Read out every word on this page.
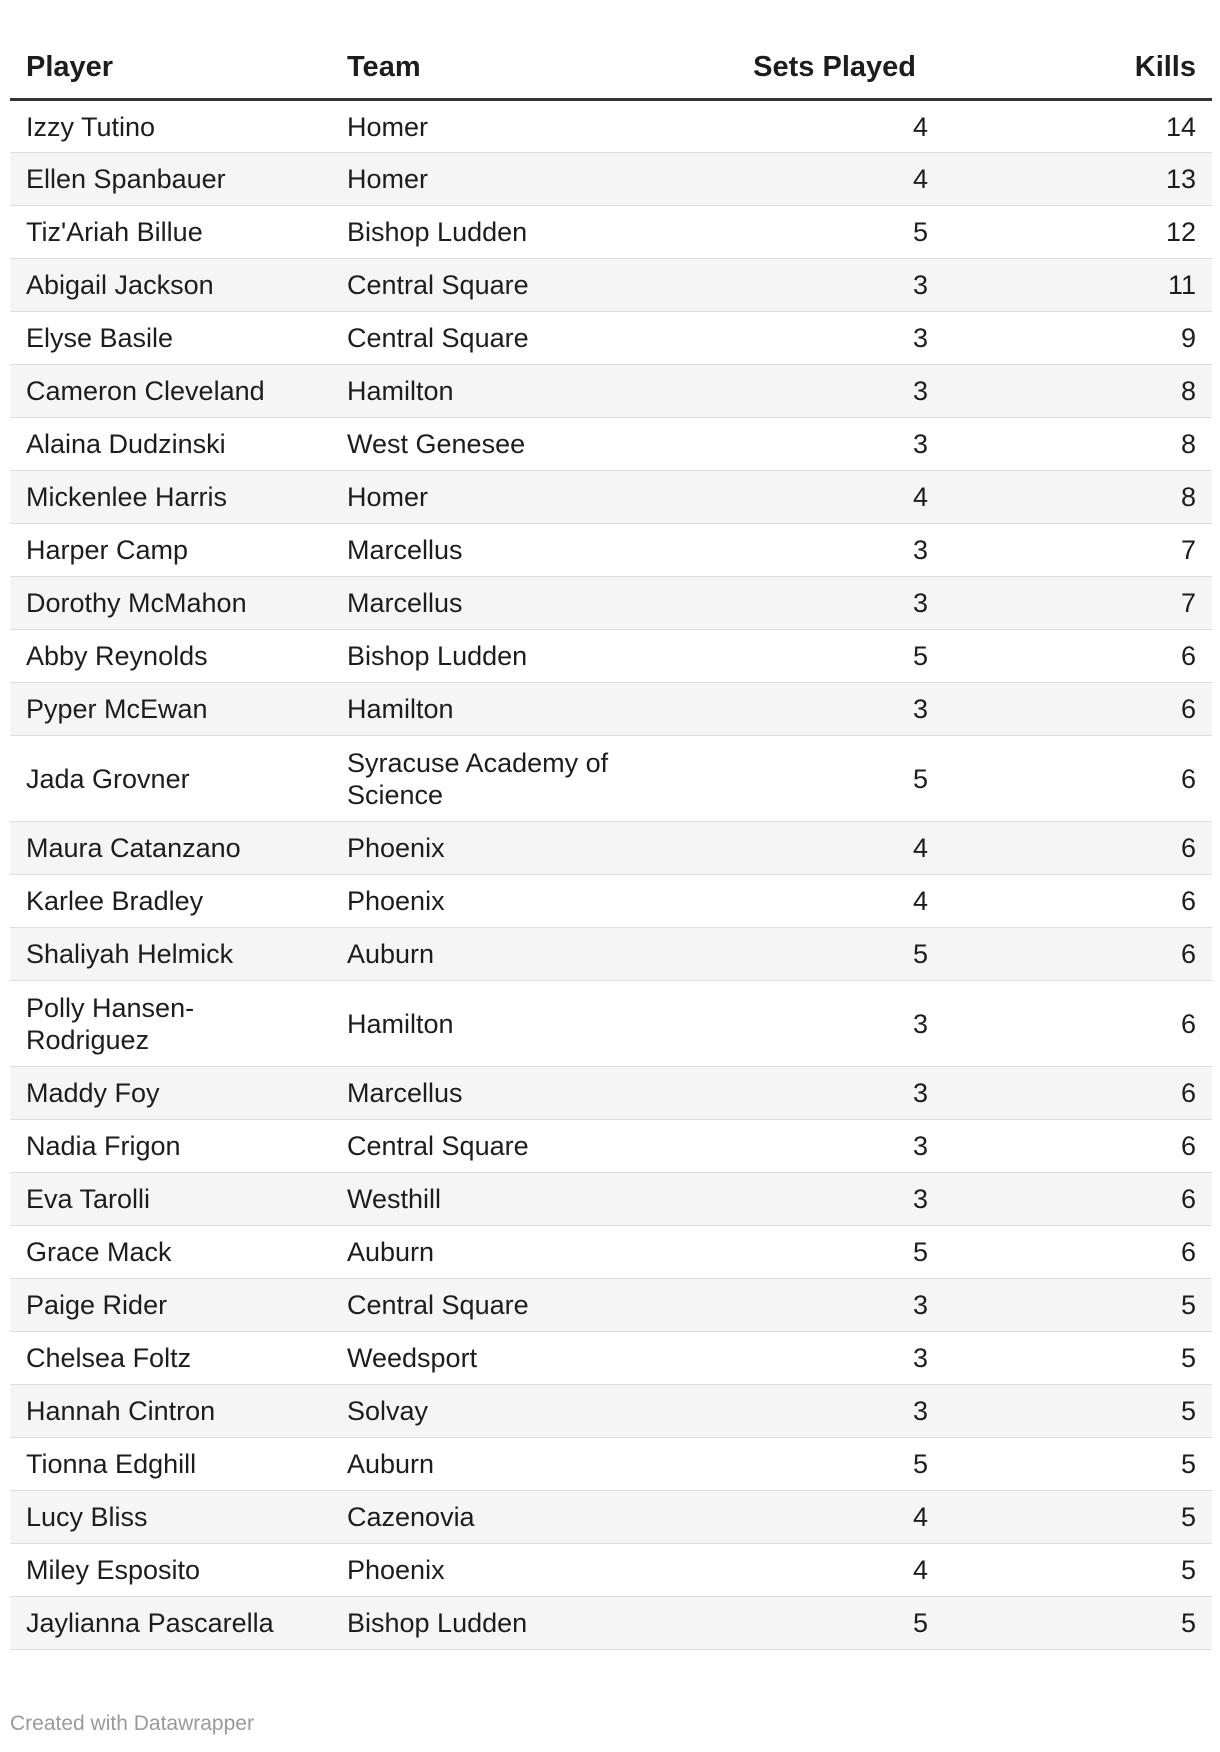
Player	Team	Sets Played	Kills
Izzy Tutino	Homer	4	14
Ellen Spanbauer	Homer	4	13
Tiz'Ariah Billue	Bishop Ludden	5	12
Abigail Jackson	Central Square	3	11
Elyse Basile	Central Square	3	9
Cameron Cleveland	Hamilton	3	8
Alaina Dudzinski	West Genesee	3	8
Mickenlee Harris	Homer	4	8
Harper Camp	Marcellus	3	7
Dorothy McMahon	Marcellus	3	7
Abby Reynolds	Bishop Ludden	5	6
Pyper McEwan	Hamilton	3	6
Jada Grovner	Syracuse Academy of Science	5	6
Maura Catanzano	Phoenix	4	6
Karlee Bradley	Phoenix	4	6
Shaliyah Helmick	Auburn	5	6
Polly Hansen-Rodriguez	Hamilton	3	6
Maddy Foy	Marcellus	3	6
Nadia Frigon	Central Square	3	6
Eva Tarolli	Westhill	3	6
Grace Mack	Auburn	5	6
Paige Rider	Central Square	3	5
Chelsea Foltz	Weedsport	3	5
Hannah Cintron	Solvay	3	5
Tionna Edghill	Auburn	5	5
Lucy Bliss	Cazenovia	4	5
Miley Esposito	Phoenix	4	5
Jaylianna Pascarella	Bishop Ludden	5	5
Created with Datawrapper
